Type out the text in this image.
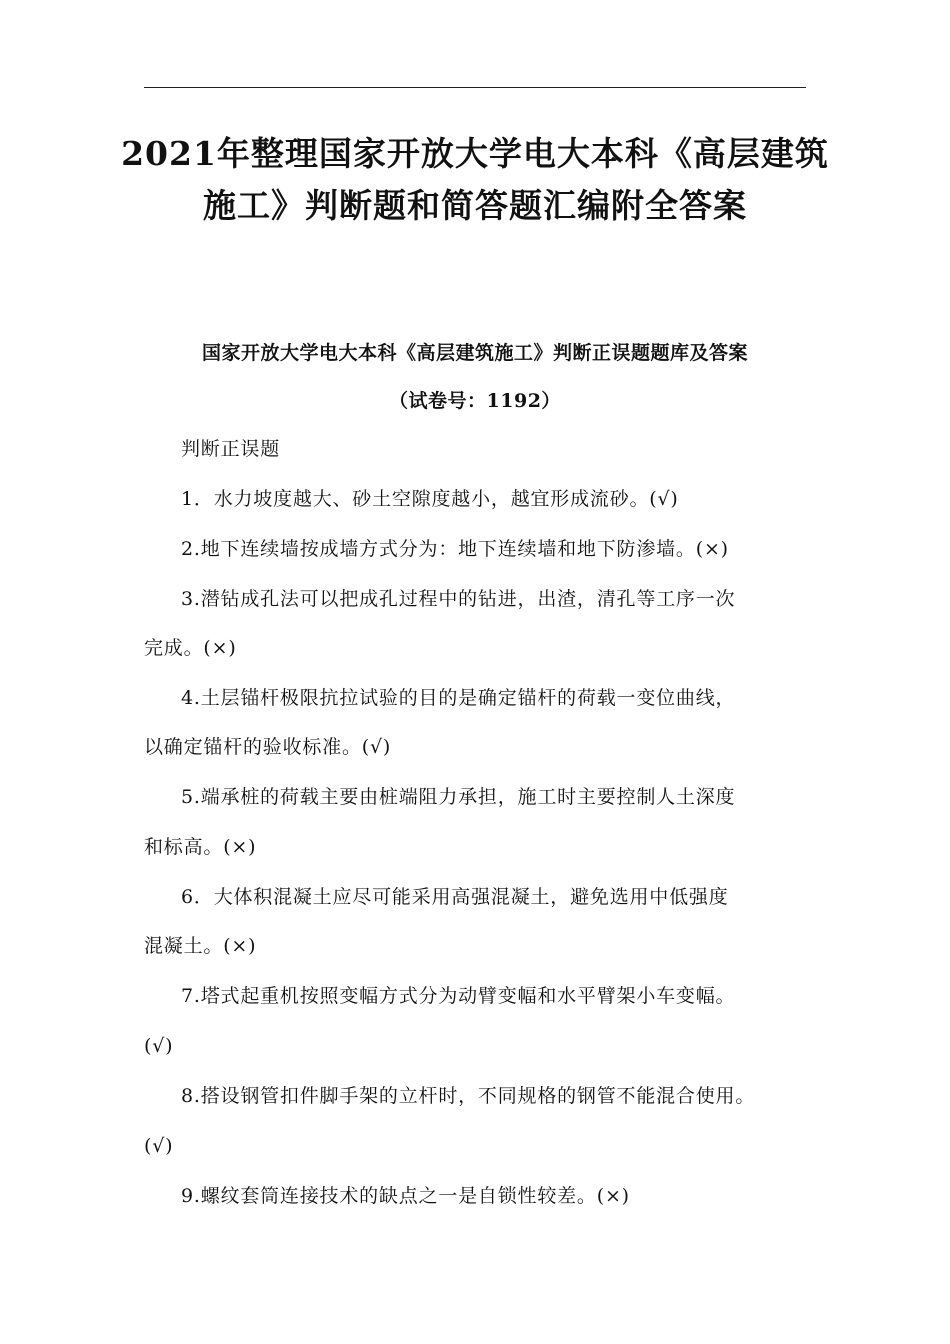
2021年整理国家开放大学电大本科《高层建筑
施工》判断题和简答题汇编附全答案
国家开放大学电大本科《高层建筑施工》判断正误题题库及答案
（试卷号：1192）
判断正误题
1．水力坡度越大、砂土空隙度越小，越宜形成流砂。(√)
2.地下连续墙按成墙方式分为：地下连续墙和地下防渗墙。(×)
3.潜钻成孔法可以把成孔过程中的钻进，出渣，清孔等工序一次
完成。(×)
4.土层锚杆极限抗拉试验的目的是确定锚杆的荷载一变位曲线，
以确定锚杆的验收标准。(√)
5.端承桩的荷载主要由桩端阻力承担，施工时主要控制人土深度
和标高。(×)
6．大体积混凝土应尽可能采用高强混凝土，避免选用中低强度
混凝土。(×)
7.塔式起重机按照变幅方式分为动臂变幅和水平臂架小车变幅。
(√)
8.搭设钢管扣件脚手架的立杆时，不同规格的钢管不能混合使用。
(√)
9.螺纹套筒连接技术的缺点之一是自锁性较差。(×)
